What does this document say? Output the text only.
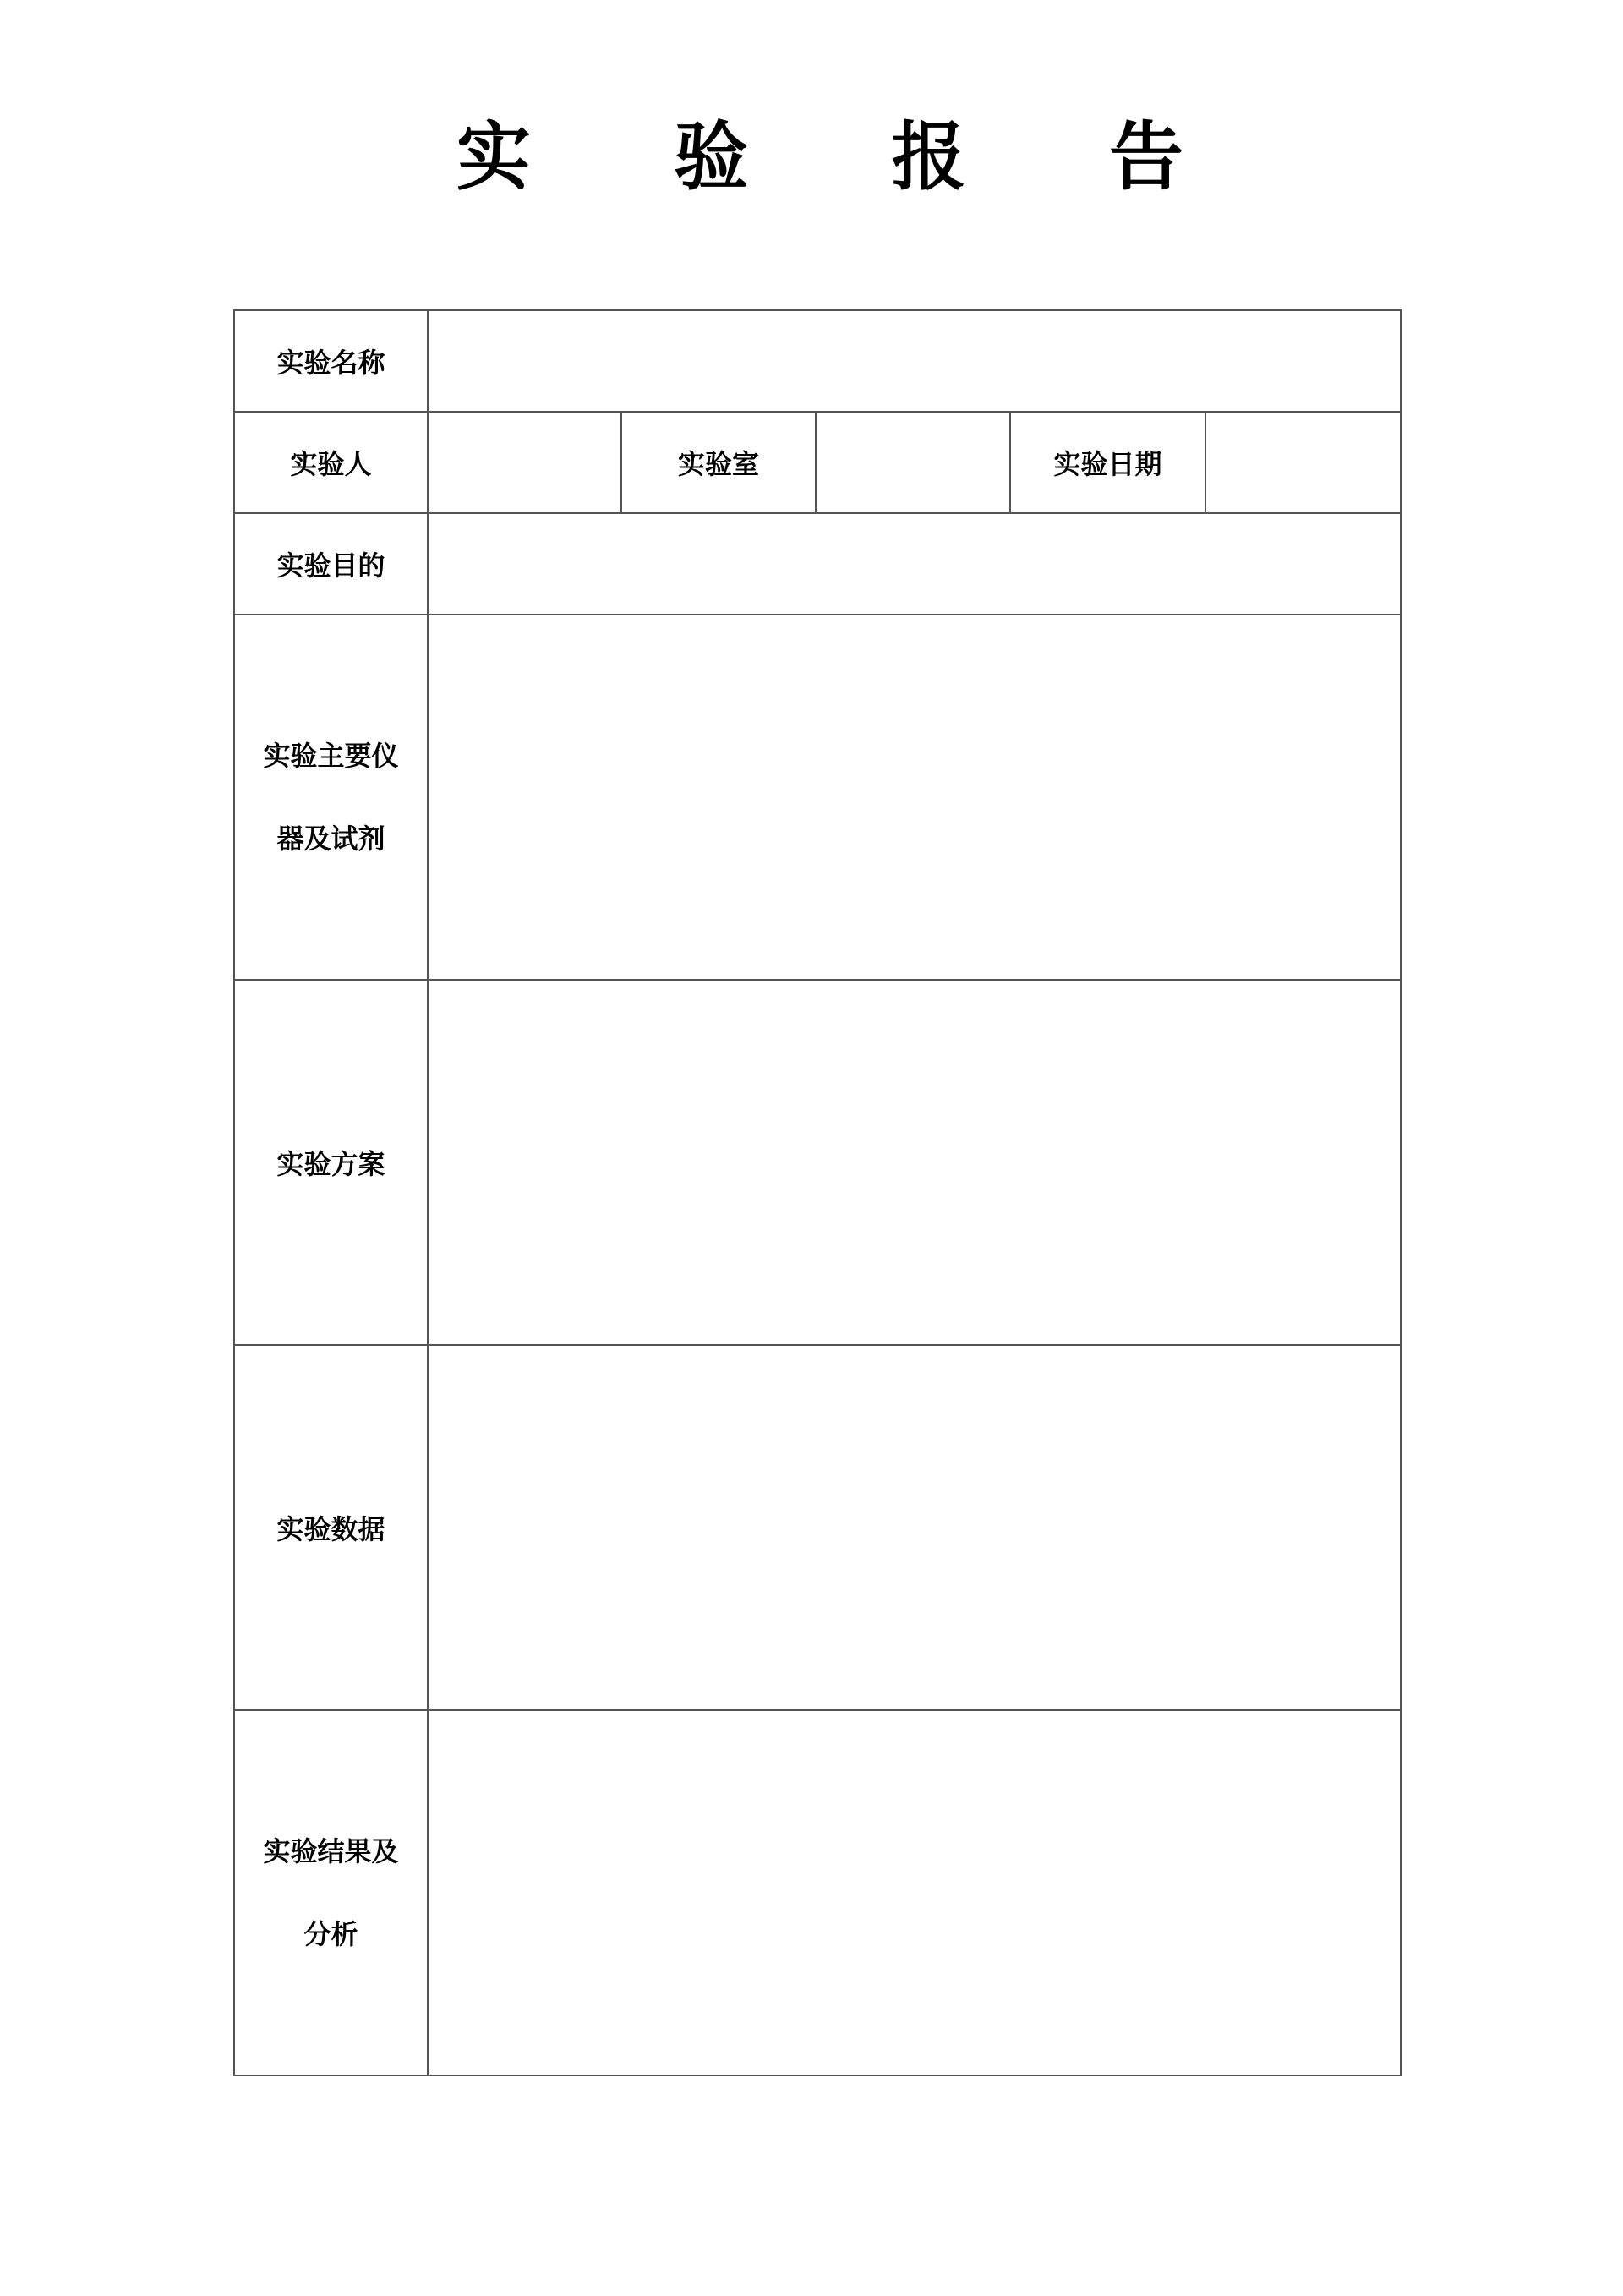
实 验 报 告
实验名称					
实验人		实验室		实验日期	
实验目的					

实验主要仪
器及试剂					

实验方案					
实验数据					

实验结果及
分析					
